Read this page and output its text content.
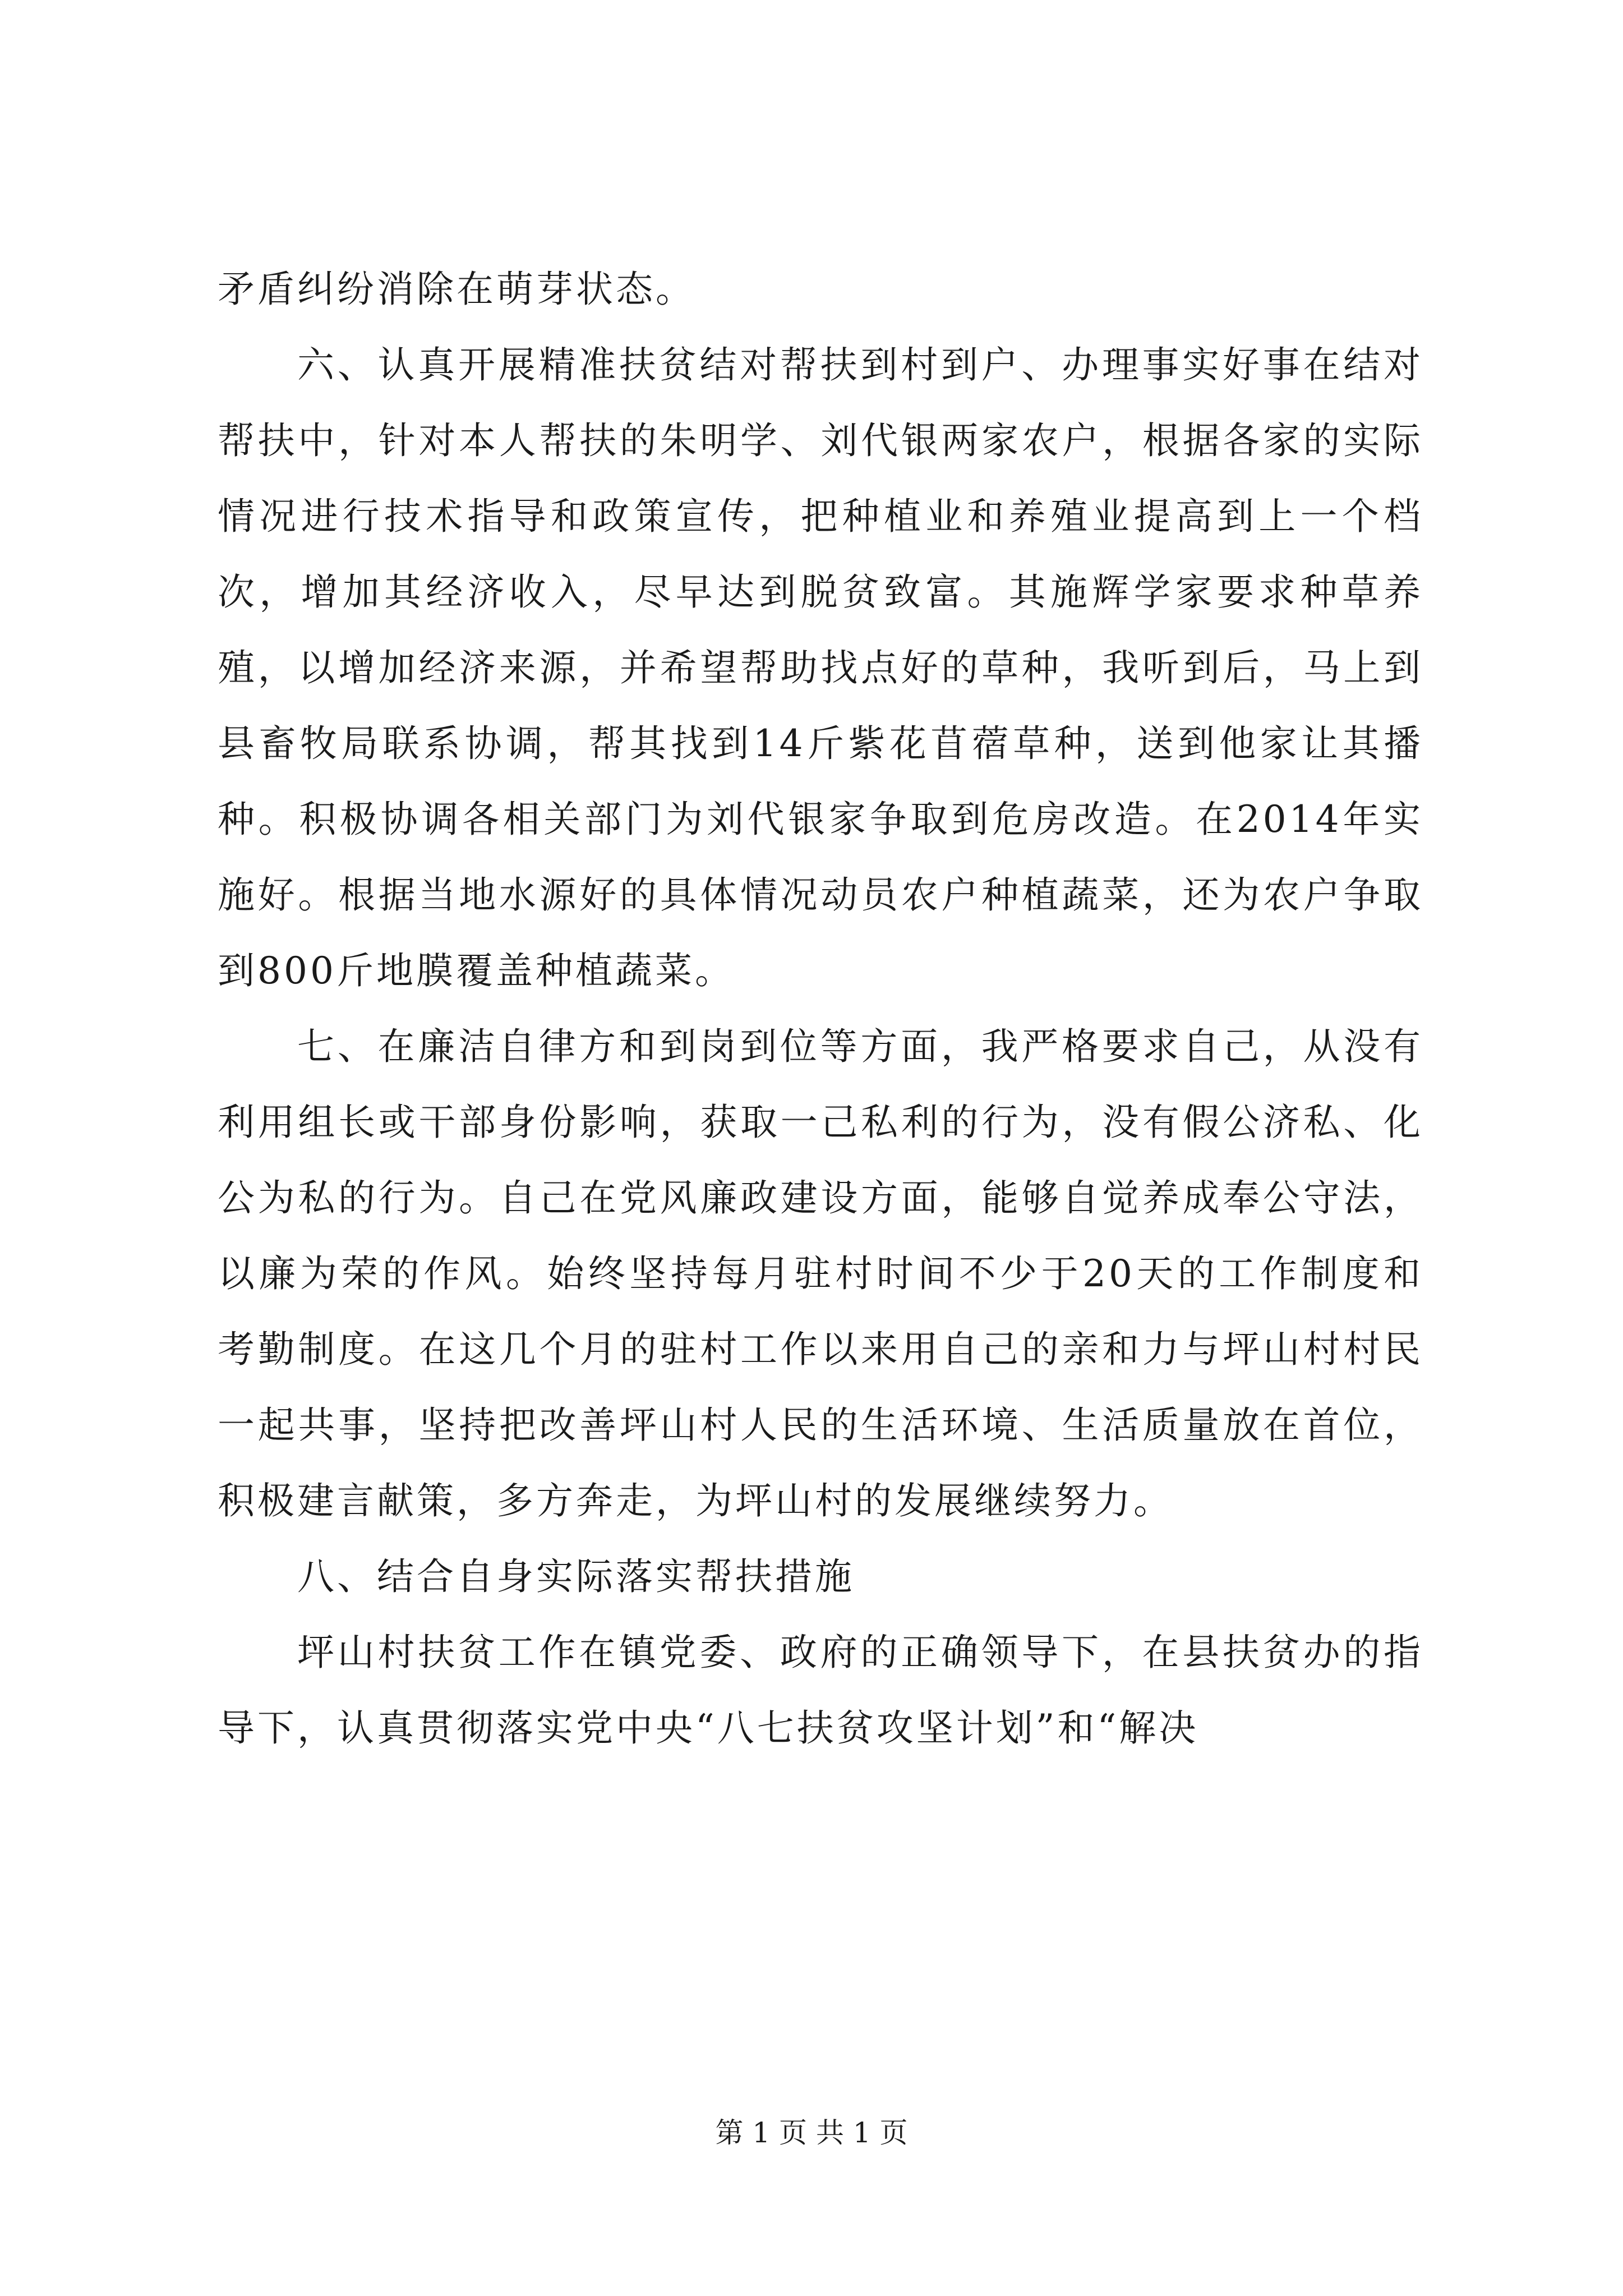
矛盾纠纷消除在萌芽状态。

六、认真开展精准扶贫结对帮扶到村到户、办理事实好事在结对帮扶中，针对本人帮扶的朱明学、刘代银两家农户，根据各家的实际情况进行技术指导和政策宣传，把种植业和养殖业提高到上一个档次，增加其经济收入，尽早达到脱贫致富。其施辉学家要求种草养殖，以增加经济来源，并希望帮助找点好的草种，我听到后，马上到县畜牧局联系协调，帮其找到14斤紫花苜蓿草种，送到他家让其播种。积极协调各相关部门为刘代银家争取到危房改造。在2014年实施好。根据当地水源好的具体情况动员农户种植蔬菜，还为农户争取到800斤地膜覆盖种植蔬菜。

七、在廉洁自律方和到岗到位等方面，我严格要求自己，从没有利用组长或干部身份影响，获取一己私利的行为，没有假公济私、化公为私的行为。自己在党风廉政建设方面，能够自觉养成奉公守法，以廉为荣的作风。始终坚持每月驻村时间不少于20天的工作制度和考勤制度。在这几个月的驻村工作以来用自己的亲和力与坪山村村民一起共事，坚持把改善坪山村人民的生活环境、生活质量放在首位，积极建言献策，多方奔走，为坪山村的发展继续努力。

八、结合自身实际落实帮扶措施

坪山村扶贫工作在镇党委、政府的正确领导下，在县扶贫办的指导下，认真贯彻落实党中央“八七扶贫攻坚计划”和“解决

第 1 页 共 1 页
